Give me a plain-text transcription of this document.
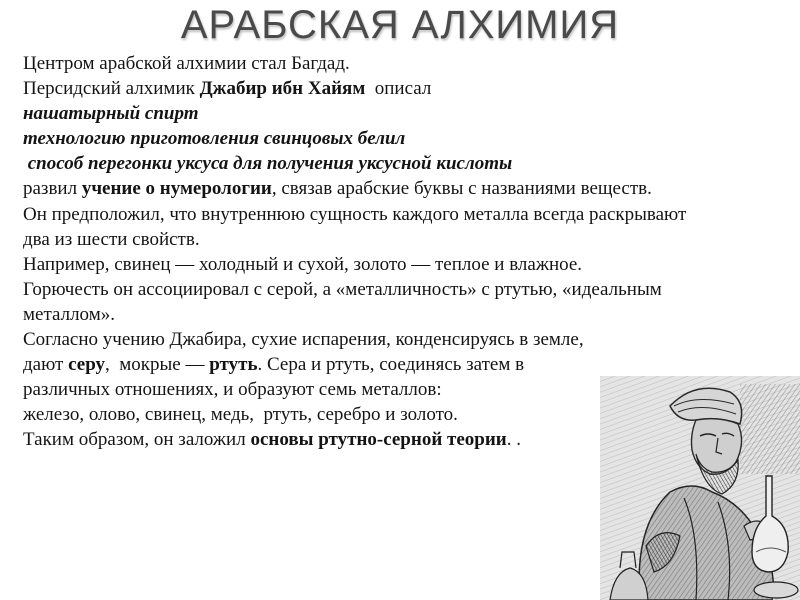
АРАБСКАЯ АЛХИМИЯ

Центром арабской алхимии стал Багдад.

Персидский алхимик Джабир ибн Хайям  описал

нашатырный спирт

технологию приготовления свинцовых белил

способ перегонки уксуса для получения уксусной кислоты

развил учение о нумерологии, связав арабские буквы с названиями веществ.

Он предположил, что внутреннюю сущность каждого металла всегда раскрывают два из шести свойств.

Например, свинец — холодный и сухой, золото — теплое и влажное.

Горючесть он ассоциировал с серой, а «металличность» с ртутью, «идеальным металлом».

Согласно учению Джабира, сухие испарения, конденсируясь в земле,

дают серу,  мокрые — ртуть. Сера и ртуть, соединясь затем в

различных отношениях, и образуют семь металлов:

железо, олово, свинец, медь,  ртуть, серебро и золото.

Таким образом, он заложил основы ртутно-серной теории. .
